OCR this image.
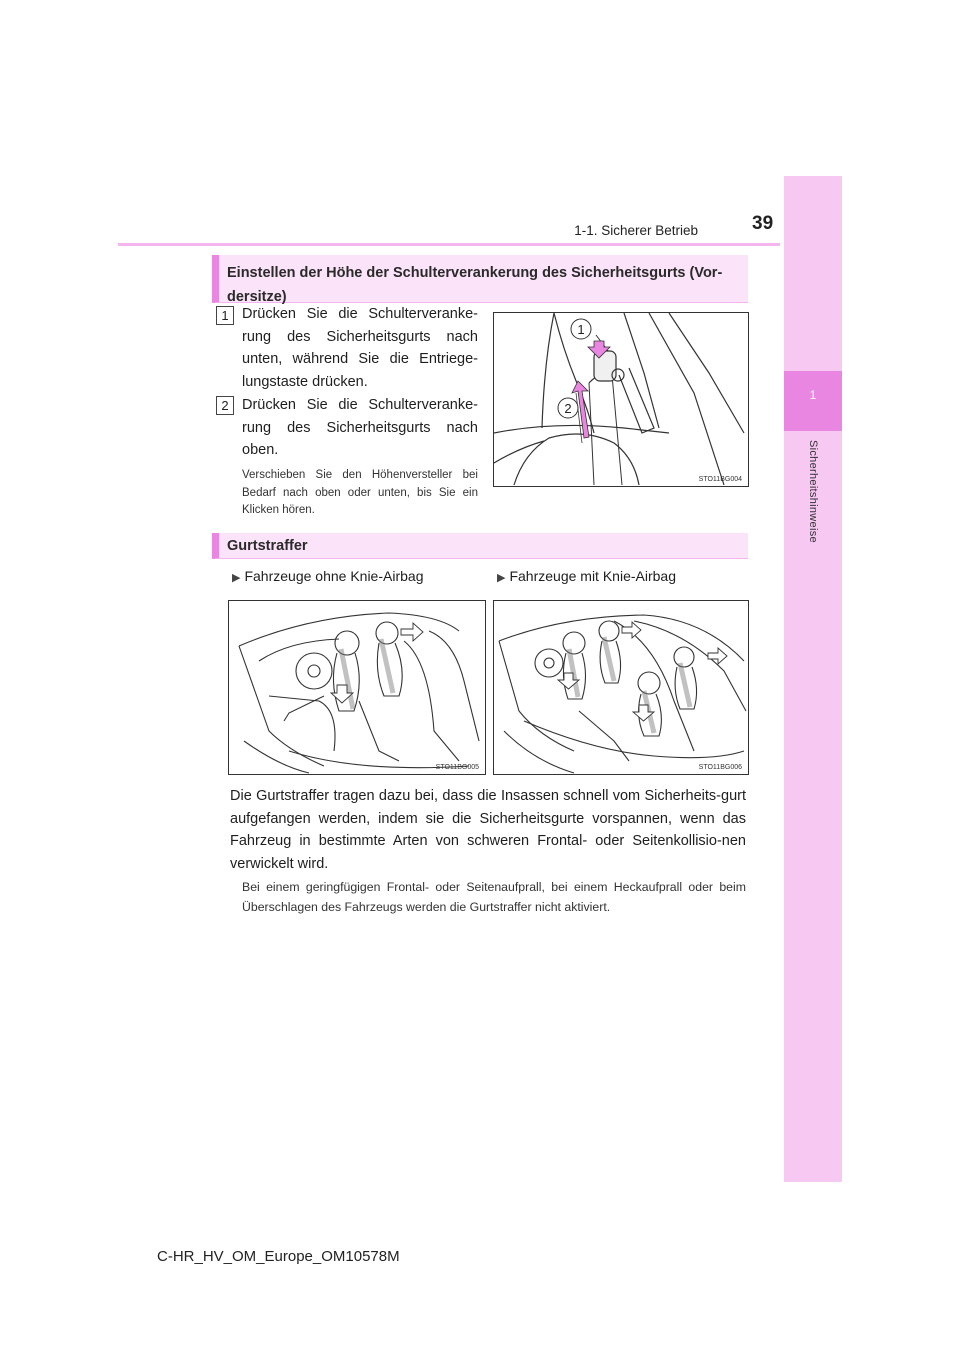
1-1. Sicherer Betrieb	39
1
Sicherheitshinweise
Einstellen der Höhe der Schulterverankerung des Sicherheitsgurts (Vor-dersitze)
1 Drücken Sie die Schulterveranke-rung des Sicherheitsgurts nach unten, während Sie die Entriege-lungstaste drücken.
2 Drücken Sie die Schulterveranke-rung des Sicherheitsgurts nach oben.
Verschieben Sie den Höhenversteller bei Bedarf nach oben oder unten, bis Sie ein Klicken hören.
1
2
STO11BG004
Gurtstraffer
▶ Fahrzeuge ohne Knie-Airbag	▶ Fahrzeuge mit Knie-Airbag
STO11BG005	STO11BG006
Die Gurtstraffer tragen dazu bei, dass die Insassen schnell vom Sicherheits-gurt aufgefangen werden, indem sie die Sicherheitsgurte vorspannen, wenn das Fahrzeug in bestimmte Arten von schweren Frontal- oder Seitenkollisio-nen verwickelt wird.
Bei einem geringfügigen Frontal- oder Seitenaufprall, bei einem Heckaufprall oder beim Überschlagen des Fahrzeugs werden die Gurtstraffer nicht aktiviert.
C-HR_HV_OM_Europe_OM10578M
